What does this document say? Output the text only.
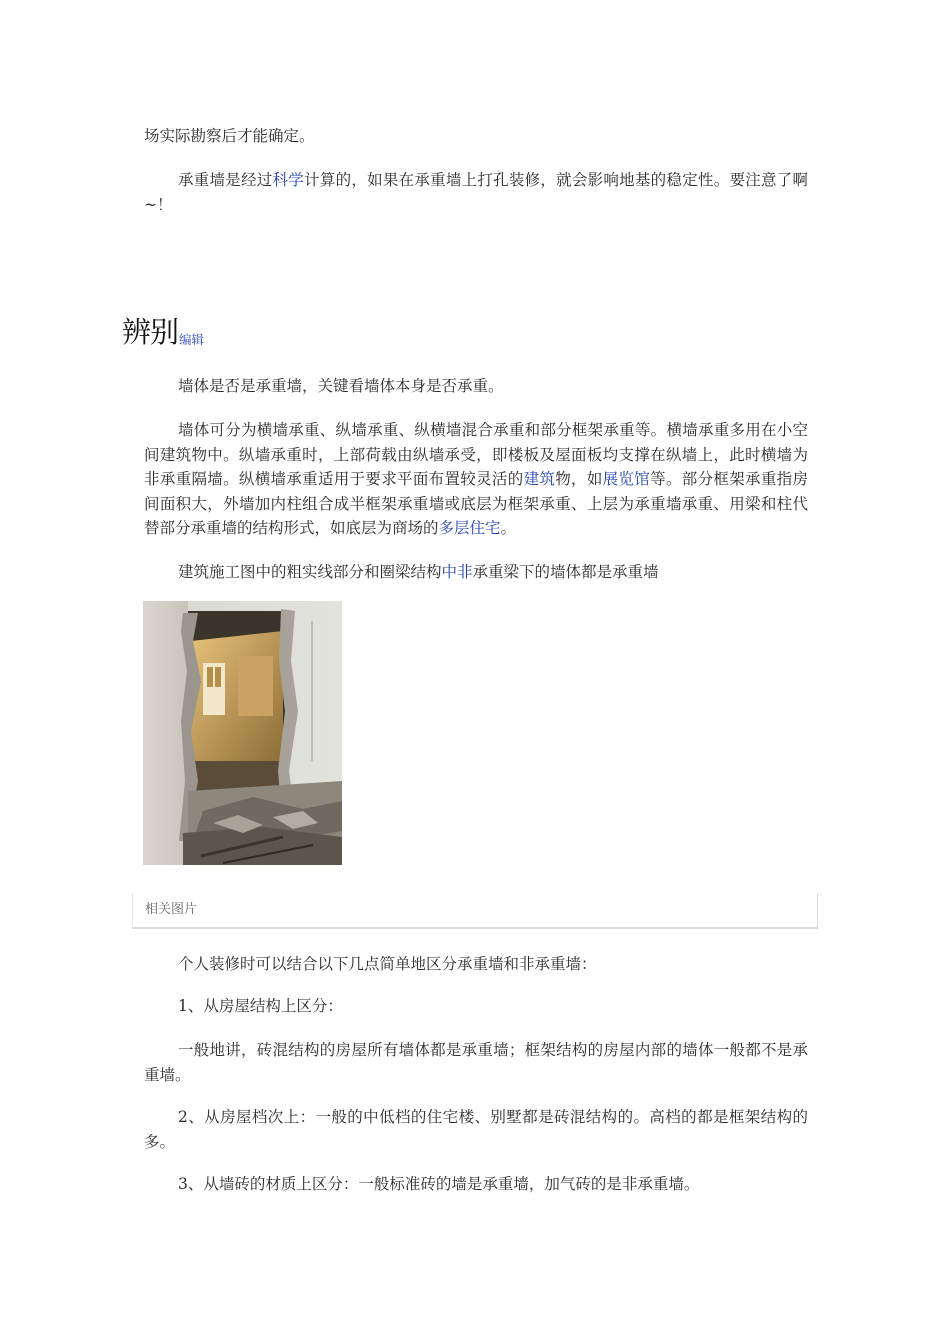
场实际勘察后才能确定。

承重墙是经过科学计算的，如果在承重墙上打孔装修，就会影响地基的稳定性。要注意了啊~！

辨别 编辑

墙体是否是承重墙，关键看墙体本身是否承重。

墙体可分为横墙承重、纵墙承重、纵横墙混合承重和部分框架承重等。横墙承重多用在小空间建筑物中。纵墙承重时，上部荷载由纵墙承受，即楼板及屋面板均支撑在纵墙上，此时横墙为非承重隔墙。纵横墙承重适用于要求平面布置较灵活的建筑物，如展览馆等。部分框架承重指房间面积大，外墙加内柱组合成半框架承重墙或底层为框架承重、上层为承重墙承重、用梁和柱代替部分承重墙的结构形式，如底层为商场的多层住宅。

建筑施工图中的粗实线部分和圈梁结构中非承重梁下的墙体都是承重墙

相关图片

个人装修时可以结合以下几点简单地区分承重墙和非承重墙：

1、从房屋结构上区分：

一般地讲，砖混结构的房屋所有墙体都是承重墙；框架结构的房屋内部的墙体一般都不是承重墙。

2、从房屋档次上：一般的中低档的住宅楼、别墅都是砖混结构的。高档的都是框架结构的多。

3、从墙砖的材质上区分：一般标准砖的墙是承重墙，加气砖的是非承重墙。
